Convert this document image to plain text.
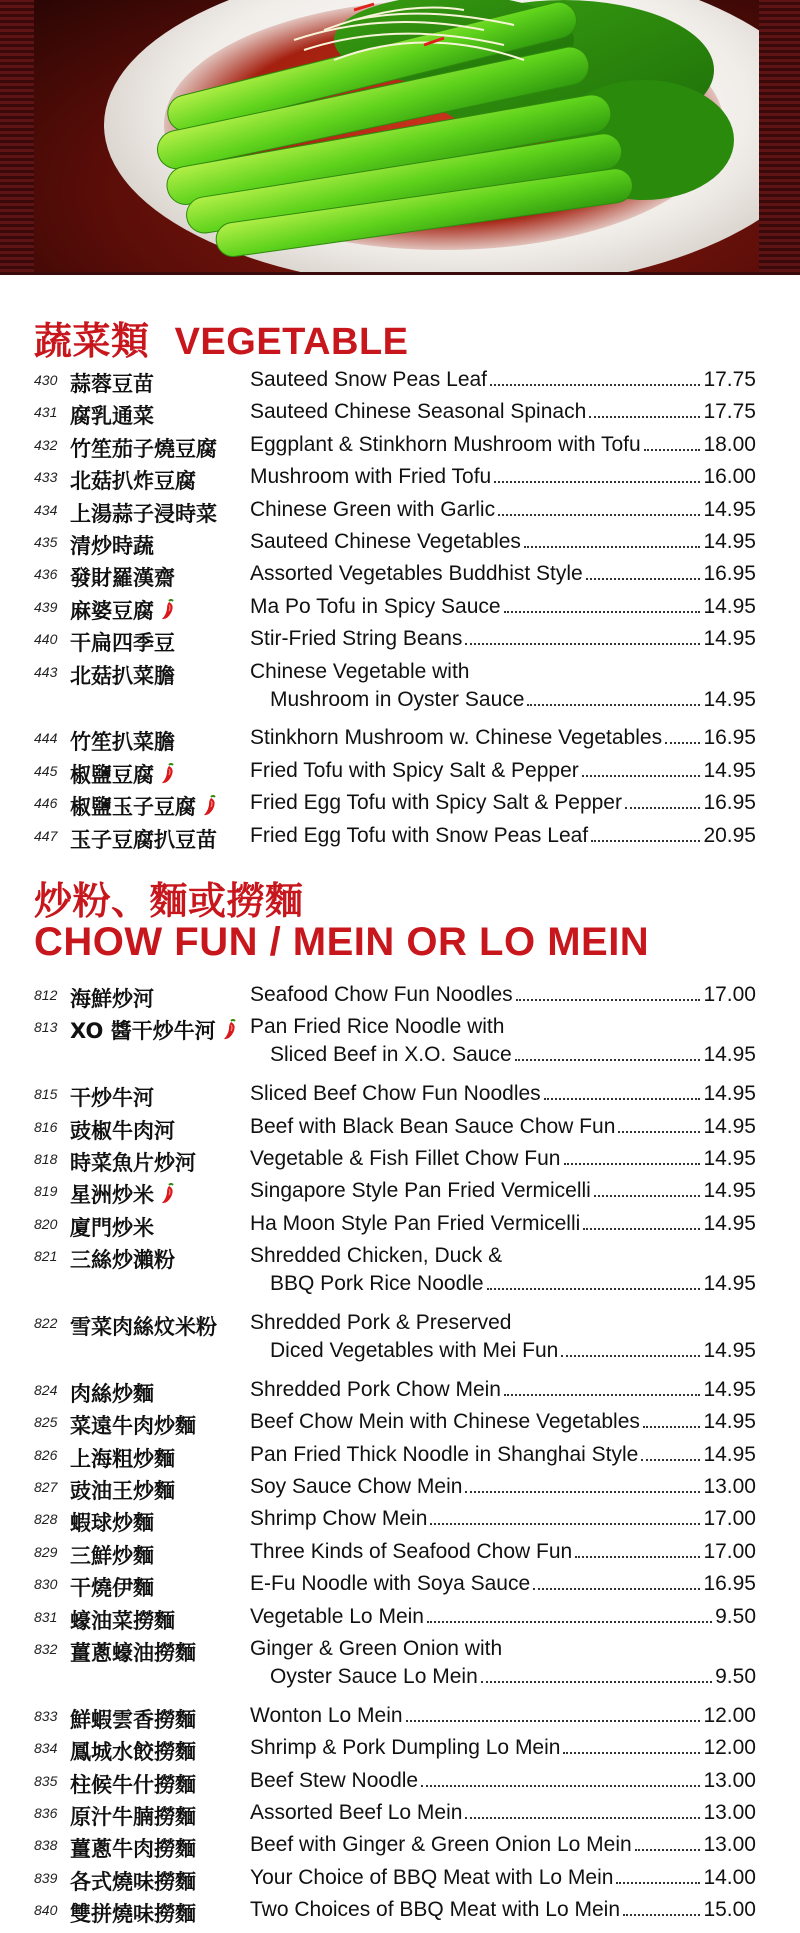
蔬菜類 VEGETABLE
430 蒜蓉豆苗	Sauteed Snow Peas Leaf	17.75
431 腐乳通菜	Sauteed Chinese Seasonal Spinach	17.75
432 竹笙茄子燒豆腐 Eggplant & Stinkhorn Mushroom with Tofu	18.00
433 北菇扒炸豆腐	Mushroom with Fried Tofu	16.00
434 上湯蒜子浸時菜 Chinese Green with Garlic	14.95
435 清炒時蔬	Sauteed Chinese Vegetables	14.95
436 發財羅漢齋	Assorted Vegetables Buddhist Style	16.95
439 麻婆豆腐	Ma Po Tofu in Spicy Sauce	14.95
440 干扁四季豆	Stir-Fried String Beans	14.95
443 北菇扒菜膽	Chinese Vegetable with
Mushroom in Oyster Sauce	14.95
444 竹笙扒菜膽	Stinkhorn Mushroom w. Chinese Vegetables 16.95
445 椒鹽豆腐	Fried Tofu with Spicy Salt & Pepper	14.95
446 椒鹽玉子豆腐	Fried Egg Tofu with Spicy Salt & Pepper	16.95
447 玉子豆腐扒豆苗 Fried Egg Tofu with Snow Peas Leaf	20.95
炒粉、麵或撈麵
CHOW FUN / MEIN OR LO MEIN
812 海鮮炒河	Seafood Chow Fun Noodles	17.00
813 XO 醬干炒牛河	Pan Fried Rice Noodle with
Sliced Beef in X.O. Sauce	14.95
815 干炒牛河	Sliced Beef Chow Fun Noodles	14.95
816 豉椒牛肉河	Beef with Black Bean Sauce Chow Fun	14.95
818 時菜魚片炒河	Vegetable & Fish Fillet Chow Fun	14.95
819 星洲炒米	Singapore Style Pan Fried Vermicelli	14.95
820 廈門炒米	Ha Moon Style Pan Fried Vermicelli	14.95
821 三絲炒瀨粉	Shredded Chicken, Duck &
BBQ Pork Rice Noodle	14.95
822 雪菜肉絲炆米粉 Shredded Pork & Preserved
Diced Vegetables with Mei Fun	14.95
824 肉絲炒麵	Shredded Pork Chow Mein	14.95
825 菜遠牛肉炒麵	Beef Chow Mein with Chinese Vegetables	14.95
826 上海粗炒麵	Pan Fried Thick Noodle in Shanghai Style	14.95
827 豉油王炒麵	Soy Sauce Chow Mein	13.00
828 蝦球炒麵	Shrimp Chow Mein	17.00
829 三鮮炒麵	Three Kinds of Seafood Chow Fun	17.00
830 干燒伊麵	E-Fu Noodle with Soya Sauce	16.95
831 蠔油菜撈麵	Vegetable Lo Mein	9.50
832 薑蔥蠔油撈麵	Ginger & Green Onion with
Oyster Sauce Lo Mein	9.50
833 鮮蝦雲香撈麵	Wonton Lo Mein	12.00
834 鳳城水餃撈麵	Shrimp & Pork Dumpling Lo Mein	12.00
835 柱候牛什撈麵	Beef Stew Noodle	13.00
836 原汁牛腩撈麵	Assorted Beef Lo Mein	13.00
838 薑蔥牛肉撈麵	Beef with Ginger & Green Onion Lo Mein	13.00
839 各式燒味撈麵	Your Choice of BBQ Meat with Lo Mein	14.00
840 雙拼燒味撈麵	Two Choices of BBQ Meat with Lo Mein	15.00
